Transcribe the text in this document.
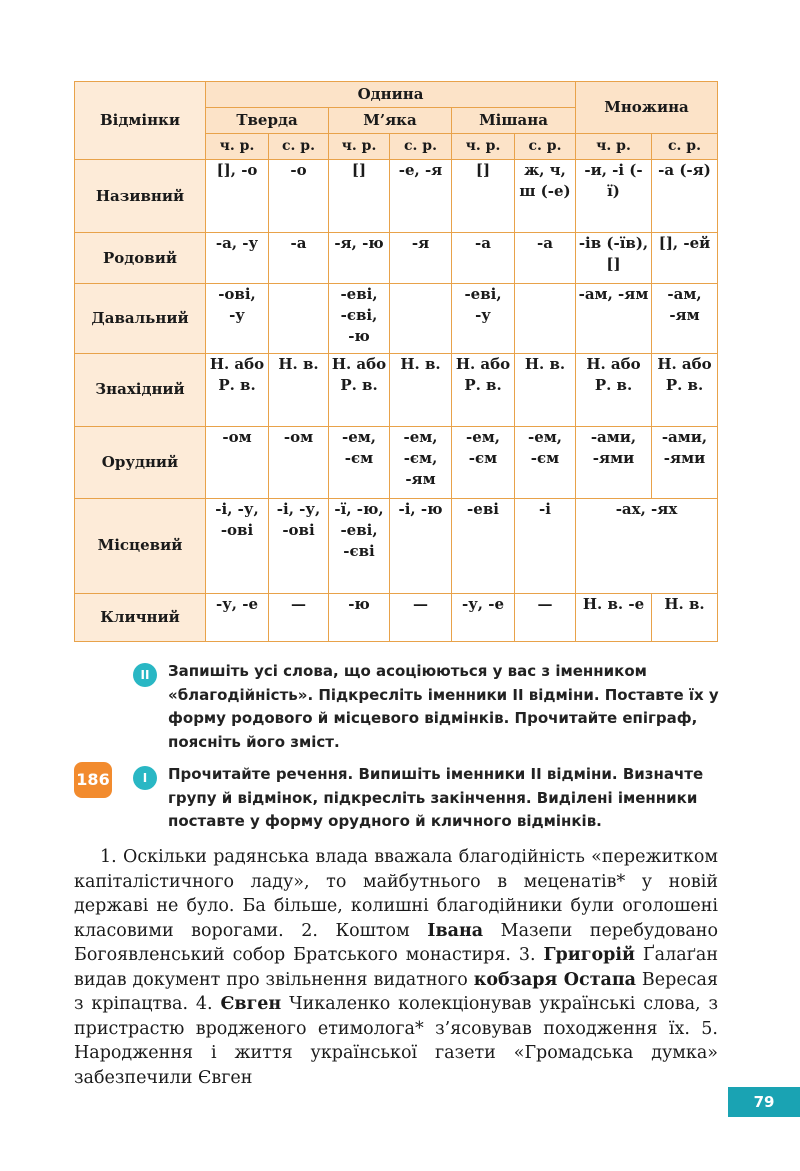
Відмінки	Однина						Множина	
	Тверда		М’яка		Мішана			
	ч. р.	с. р.	ч. р.	с. р.	ч. р.	с. р.	ч. р.	с. р.
Називний	[], -о	-о	[]	-е, -я	[]	ж, ч, ш (-е)	-и, -і (-ї)	-а (-я)
Родовий	-а, -у	-а	-я, -ю	-я	-а	-а	-ів (-їв), []	[], -ей
Давальний	-ові, -у		-еві, -єві, -ю		-еві, -у		-ам, -ям	-ам, -ям
Знахідний	Н. або Р. в.	Н. в.	Н. або Р. в.	Н. в.	Н. або Р. в.	Н. в.	Н. або Р. в.	Н. або Р. в.
Орудний	-ом	-ом	-ем, -єм	-ем, -єм, -ям	-ем, -єм	-ем, -єм	-ами, -ями	-ами, -ями
Місцевий	-і, -у, -ові	-і, -у, -ові	-ї, -ю, -еві, -єві	-і, -ю	-еві	-і	-ах, -ях	
Кличний	-у, -е	—	-ю	—	-у, -е	—	Н. в. -е	Н. в.
II	Запишіть усі слова, що асоціюються у вас з іменником «благодійність». Підкресліть іменники ІІ відміни. Поставте їх у форму родового й місцевого відмінків. Прочитайте епіграф, поясніть його зміст.
186	I	Прочитайте речення. Випишіть іменники ІІ відміни. Визначте групу й відмінок, підкресліть закінчення. Виділені іменники поставте у форму орудного й кличного відмінків.
1. Оскільки радянська влада вважала благодійність «пережитком капіталістичного ладу», то майбутнього в меценатів* у новій державі не було. Ба більше, колишні благодійники були оголошені класовими ворогами. 2. Коштом Івана Мазепи перебудовано Богоявленський собор Братського монастиря. 3. Григорій Ґалаґан видав документ про звільнення видатного кобзаря Остапа Вересая з кріпацтва. 4. Євген Чикаленко колекціонував українські слова, з пристрастю вродженого етимолога* з’ясовував походження їх. 5. Народження і життя української газети «Громадська думка» забезпечили Євген
79
